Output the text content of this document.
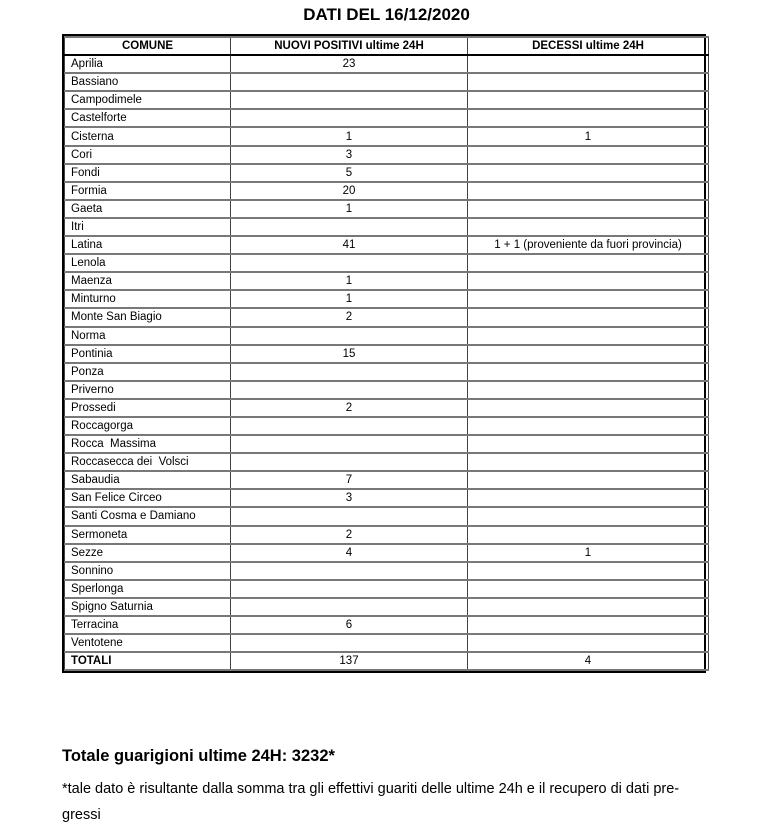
DATI DEL 16/12/2020
COMUNE	NUOVI POSITIVI ultime 24H	DECESSI ultime 24H
Aprilia	23	
Bassiano		
Campodimele		
Castelforte		
Cisterna	1	1
Cori	3	
Fondi	5	
Formia	20	
Gaeta	1	
Itri		
Latina	41	1 + 1 (proveniente da fuori provincia)
Lenola		
Maenza	1	
Minturno	1	
Monte San Biagio	2	
Norma		
Pontinia	15	
Ponza		
Priverno		
Prossedi	2	
Roccagorga		
Rocca  Massima		
Roccasecca dei  Volsci		
Sabaudia	7	
San Felice Circeo	3	
Santi Cosma e Damiano		
Sermoneta	2	
Sezze	4	1
Sonnino		
Sperlonga		
Spigno Saturnia		
Terracina	6	
Ventotene		
TOTALI	137	4
Totale guarigioni ultime 24H: 3232*
*tale dato è risultante dalla somma tra gli effettivi guariti delle ultime 24h e il recupero di dati pre-
gressi
